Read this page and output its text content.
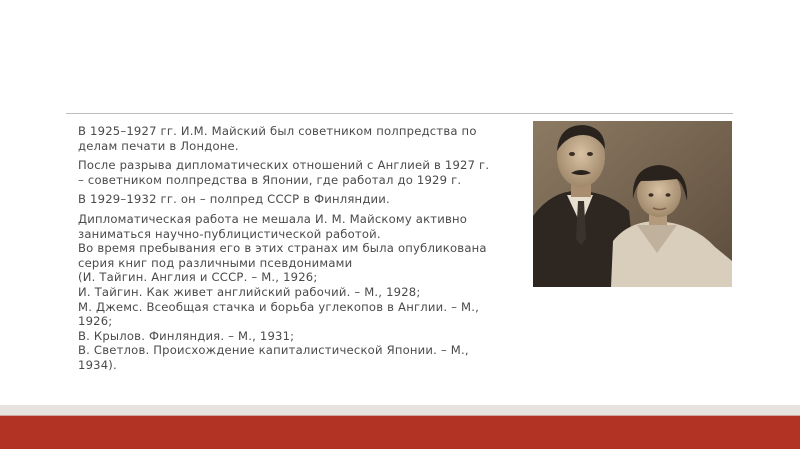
В 1925–1927 гг. И.М. Майский был советником полпредства по
делам печати в Лондоне.

После разрыва дипломатических отношений с Англией в 1927 г.
– советником полпредства в Японии, где работал до 1929 г.

В 1929–1932 гг. он – полпред СССР в Финляндии.

Дипломатическая работа не мешала И. М. Майскому активно
заниматься научно-публицистической работой.
Во время пребывания его в этих странах им была опубликована
серия книг под различными псевдонимами
(И. Тайгин. Англия и СССР. – М., 1926;
И. Тайгин. Как живет английский рабочий. – М., 1928;
М. Джемс. Всеобщая стачка и борьба углекопов в Англии. – М.,
1926;
В. Крылов. Финляндия. – М., 1931;
В. Светлов. Происхождение капиталистической Японии. – М.,
1934).
